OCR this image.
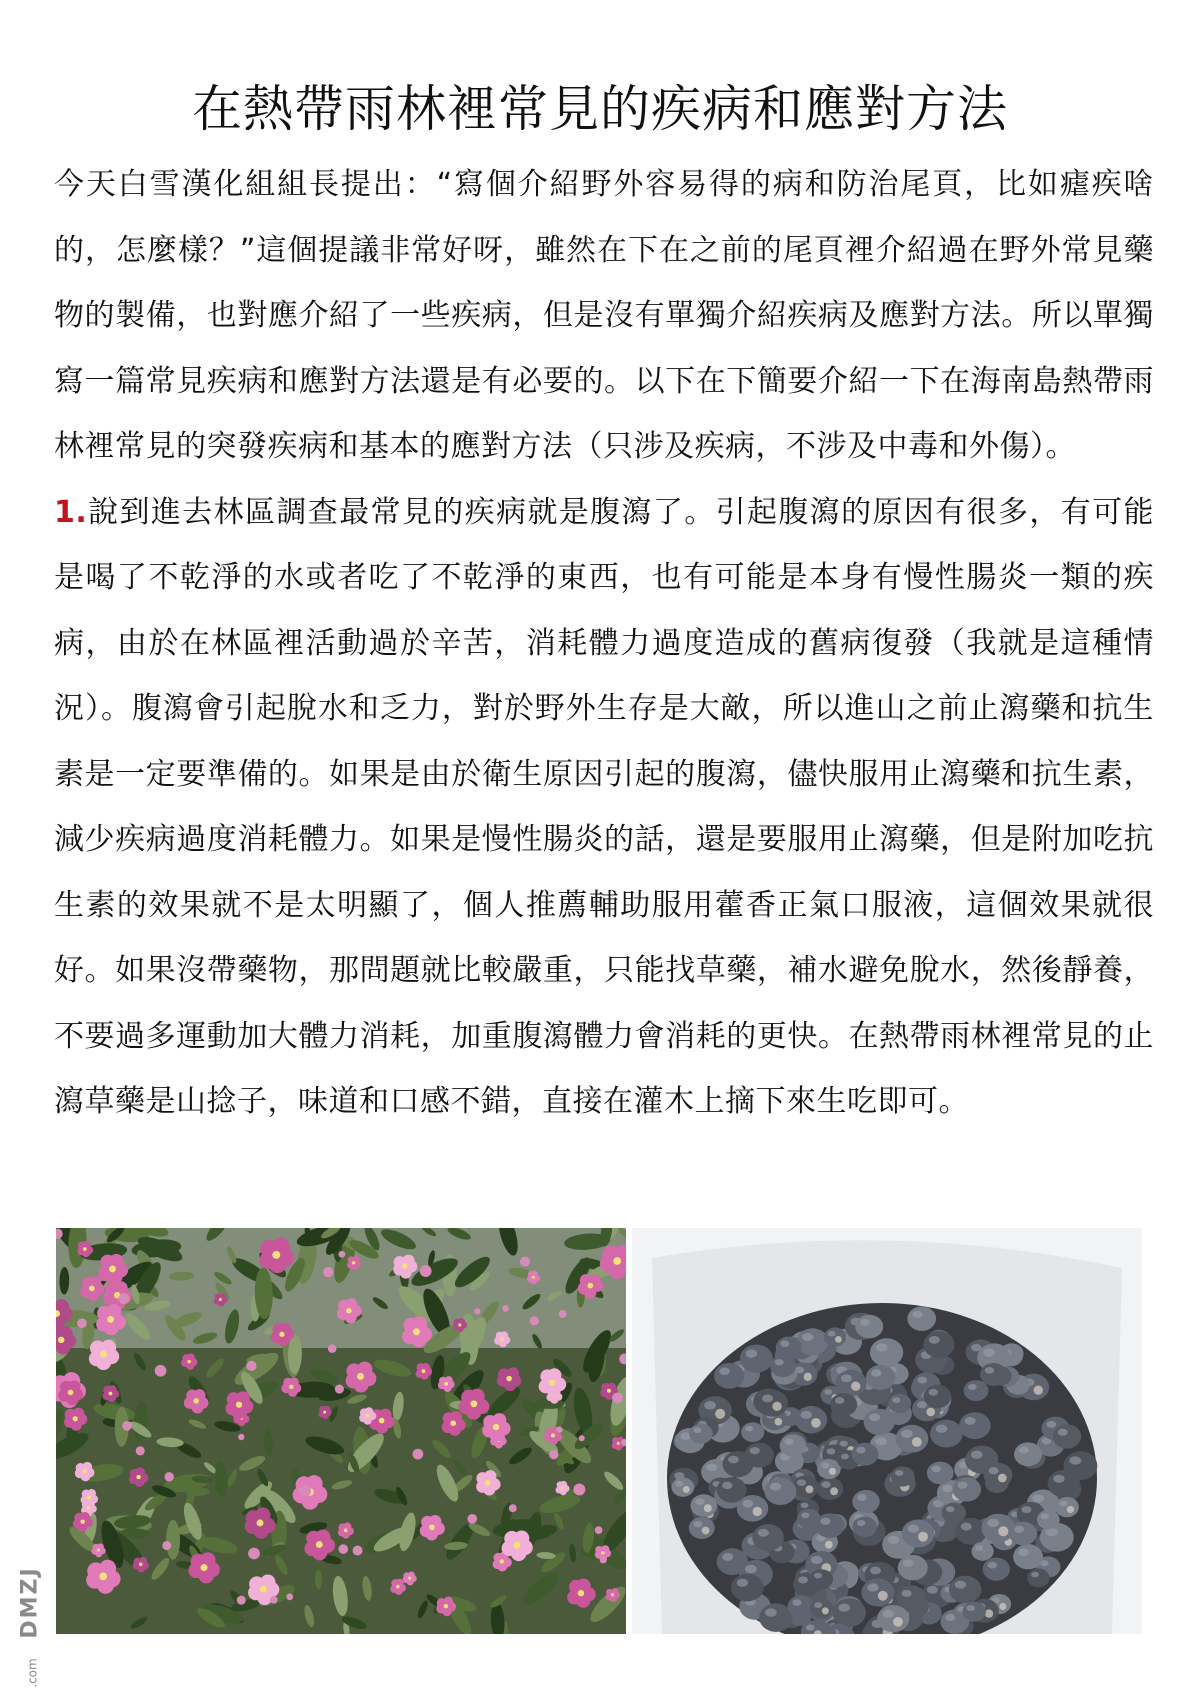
在熱帶雨林裡常見的疾病和應對方法

今天白雪漢化組組長提出：“寫個介紹野外容易得的病和防治尾頁，比如瘧疾啥的，怎麼樣？”這個提議非常好呀，雖然在下在之前的尾頁裡介紹過在野外常見藥物的製備，也對應介紹了一些疾病，但是沒有單獨介紹疾病及應對方法。所以單獨寫一篇常見疾病和應對方法還是有必要的。以下在下簡要介紹一下在海南島熱帶雨林裡常見的突發疾病和基本的應對方法（只涉及疾病，不涉及中毒和外傷）。

1.說到進去林區調查最常見的疾病就是腹瀉了。引起腹瀉的原因有很多，有可能是喝了不乾淨的水或者吃了不乾淨的東西，也有可能是本身有慢性腸炎一類的疾病，由於在林區裡活動過於辛苦，消耗體力過度造成的舊病復發（我就是這種情況）。腹瀉會引起脫水和乏力，對於野外生存是大敵，所以進山之前止瀉藥和抗生素是一定要準備的。如果是由於衛生原因引起的腹瀉，儘快服用止瀉藥和抗生素，減少疾病過度消耗體力。如果是慢性腸炎的話，還是要服用止瀉藥，但是附加吃抗生素的效果就不是太明顯了，個人推薦輔助服用藿香正氣口服液，這個效果就很好。如果沒帶藥物，那問題就比較嚴重，只能找草藥，補水避免脫水，然後靜養，不要過多運動加大體力消耗，加重腹瀉體力會消耗的更快。在熱帶雨林裡常見的止瀉草藥是山捻子，味道和口感不錯，直接在灌木上摘下來生吃即可。

DMZJ
.com
